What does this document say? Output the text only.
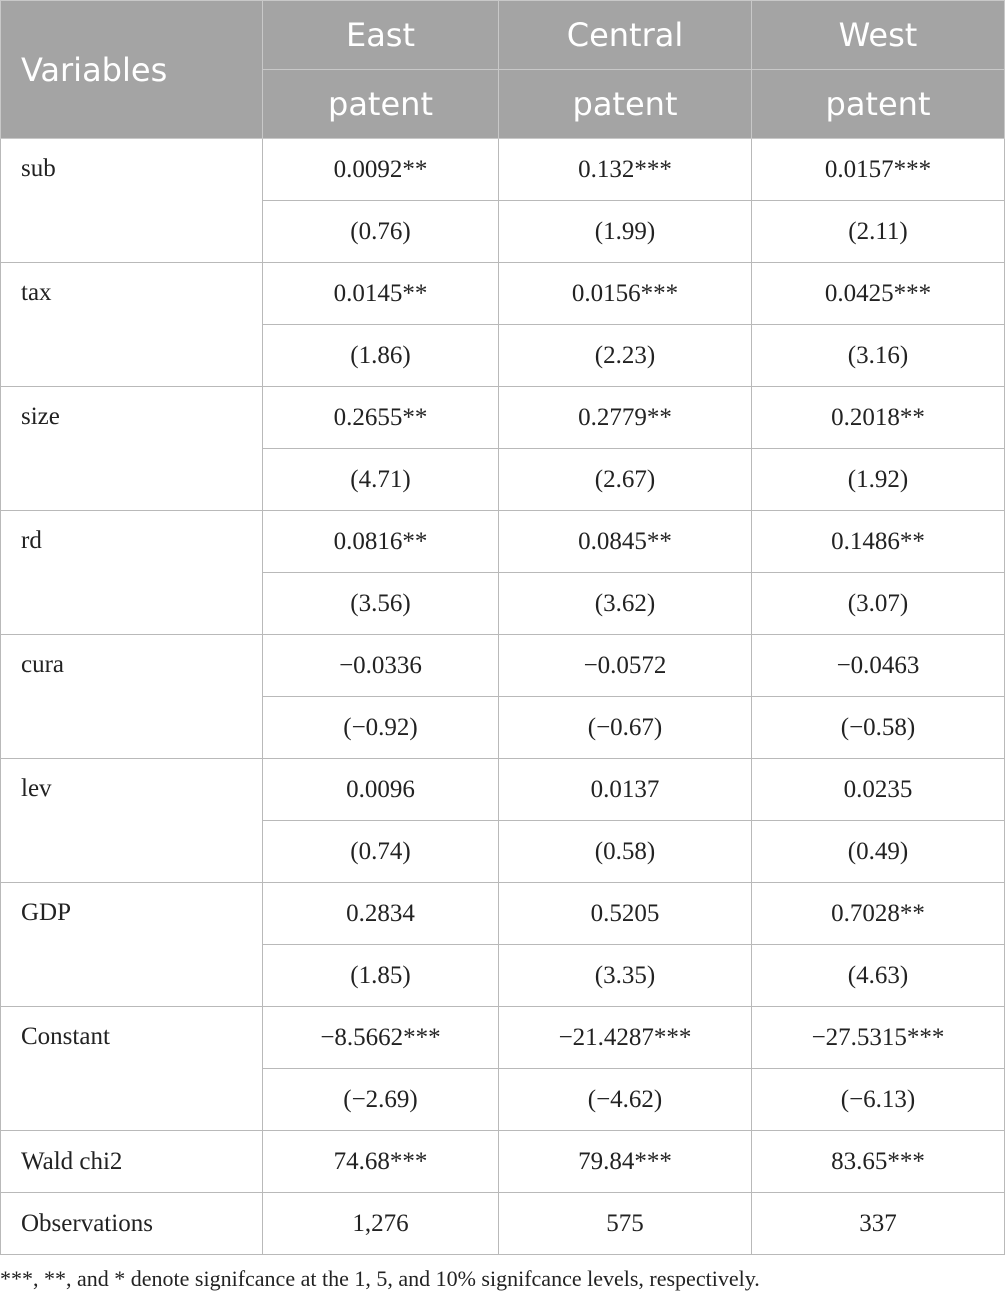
Variables	East	Central	West
	patent	patent	patent
sub	0.0092**	0.132***	0.0157***
	(0.76)	(1.99)	(2.11)
tax	0.0145**	0.0156***	0.0425***
	(1.86)	(2.23)	(3.16)
size	0.2655**	0.2779**	0.2018**
	(4.71)	(2.67)	(1.92)
rd	0.0816**	0.0845**	0.1486**
	(3.56)	(3.62)	(3.07)
cura	−0.0336	−0.0572	−0.0463
	(−0.92)	(−0.67)	(−0.58)
lev	0.0096	0.0137	0.0235
	(0.74)	(0.58)	(0.49)
GDP	0.2834	0.5205	0.7028**
	(1.85)	(3.35)	(4.63)
Constant	−8.5662***	−21.4287***	−27.5315***
	(−2.69)	(−4.62)	(−6.13)
Wald chi2	74.68***	79.84***	83.65***
Observations	1,276	575	337
***, **, and * denote signifcance at the 1, 5, and 10% signifcance levels, respectively.
